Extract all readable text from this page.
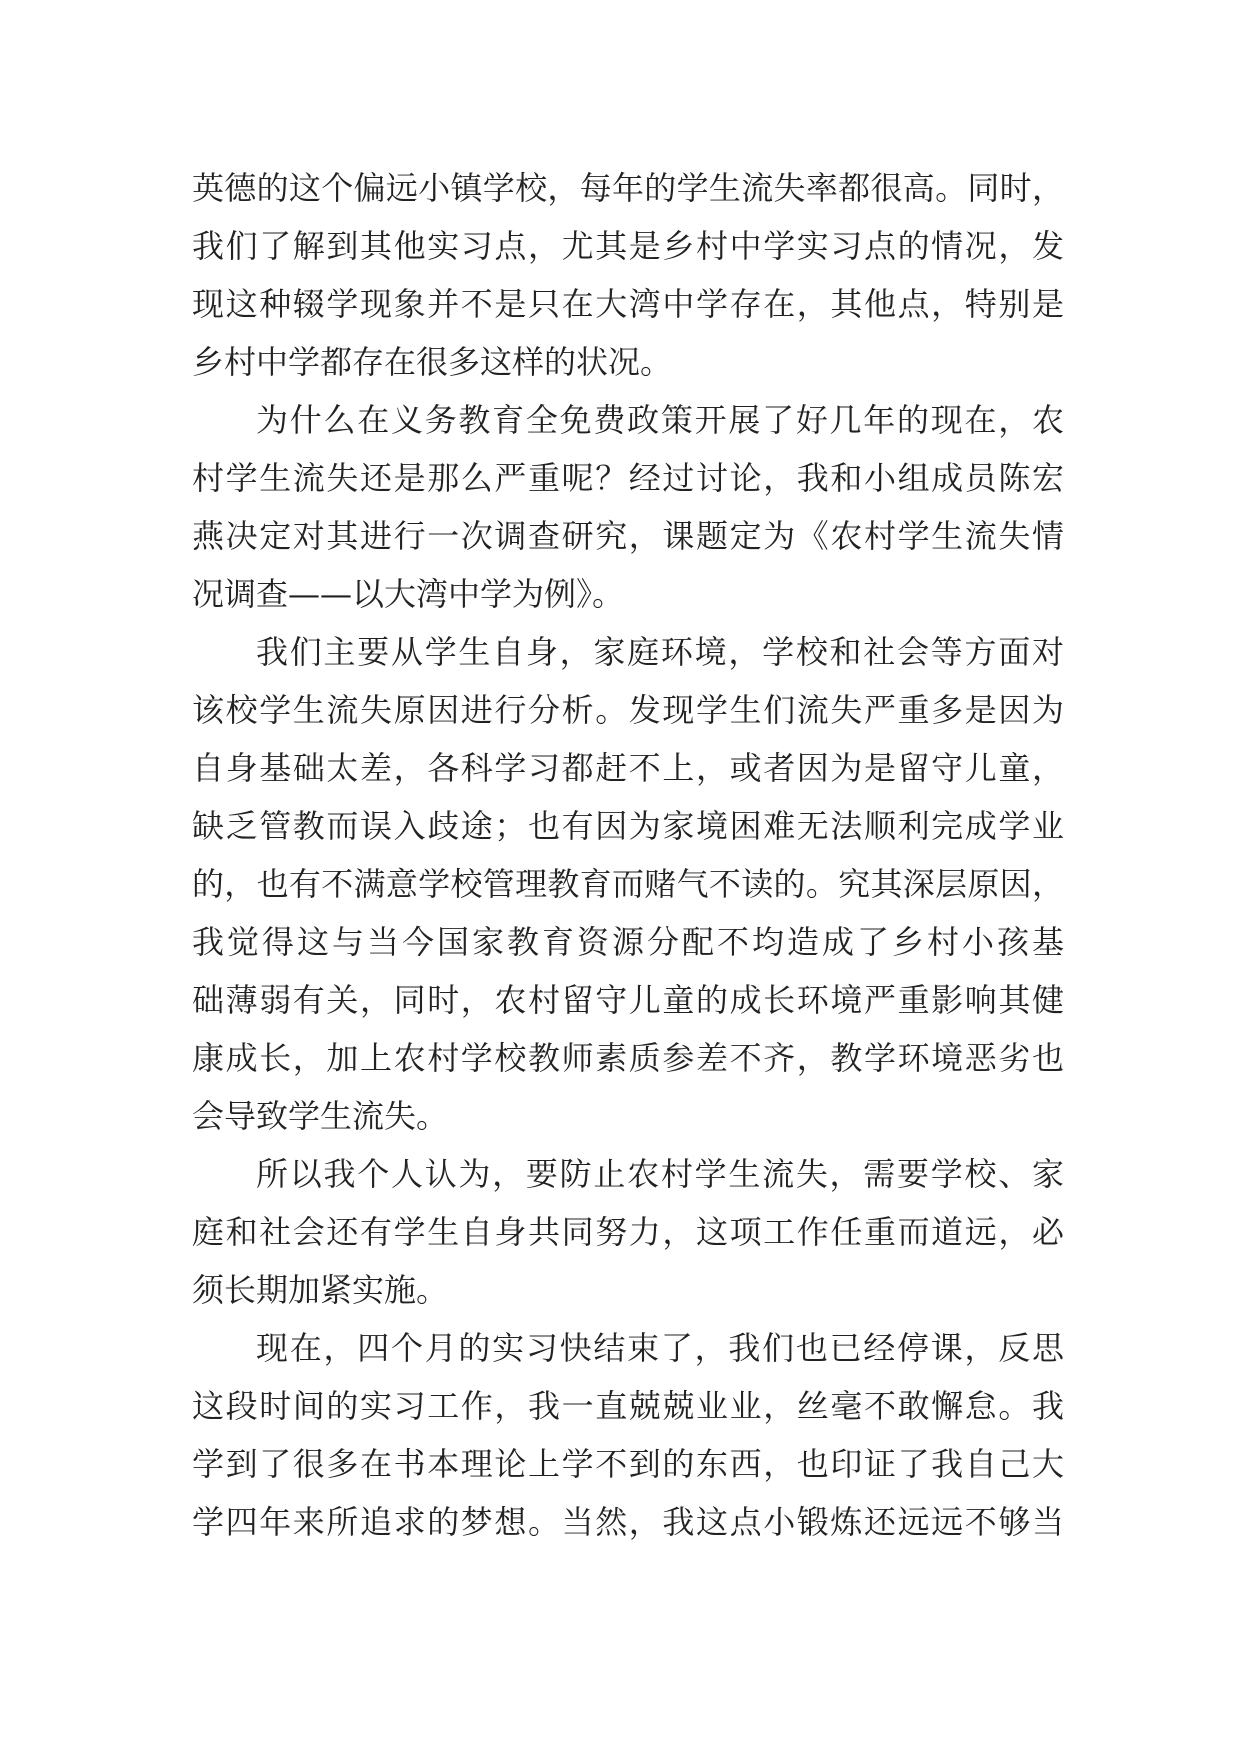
英德的这个偏远小镇学校，每年的学生流失率都很高。同时，
我们了解到其他实习点，尤其是乡村中学实习点的情况，发
现这种辍学现象并不是只在大湾中学存在，其他点，特别是
乡村中学都存在很多这样的状况。
为什么在义务教育全免费政策开展了好几年的现在，农
村学生流失还是那么严重呢？经过讨论，我和小组成员陈宏
燕决定对其进行一次调查研究，课题定为《农村学生流失情
况调查——以大湾中学为例》。
我们主要从学生自身，家庭环境，学校和社会等方面对
该校学生流失原因进行分析。发现学生们流失严重多是因为
自身基础太差，各科学习都赶不上，或者因为是留守儿童，
缺乏管教而误入歧途；也有因为家境困难无法顺利完成学业
的，也有不满意学校管理教育而赌气不读的。究其深层原因，
我觉得这与当今国家教育资源分配不均造成了乡村小孩基
础薄弱有关，同时，农村留守儿童的成长环境严重影响其健
康成长，加上农村学校教师素质参差不齐，教学环境恶劣也
会导致学生流失。
所以我个人认为，要防止农村学生流失，需要学校、家
庭和社会还有学生自身共同努力，这项工作任重而道远，必
须长期加紧实施。
现在，四个月的实习快结束了，我们也已经停课，反思
这段时间的实习工作，我一直兢兢业业，丝毫不敢懈怠。我
学到了很多在书本理论上学不到的东西，也印证了我自己大
学四年来所追求的梦想。当然，我这点小锻炼还远远不够当
